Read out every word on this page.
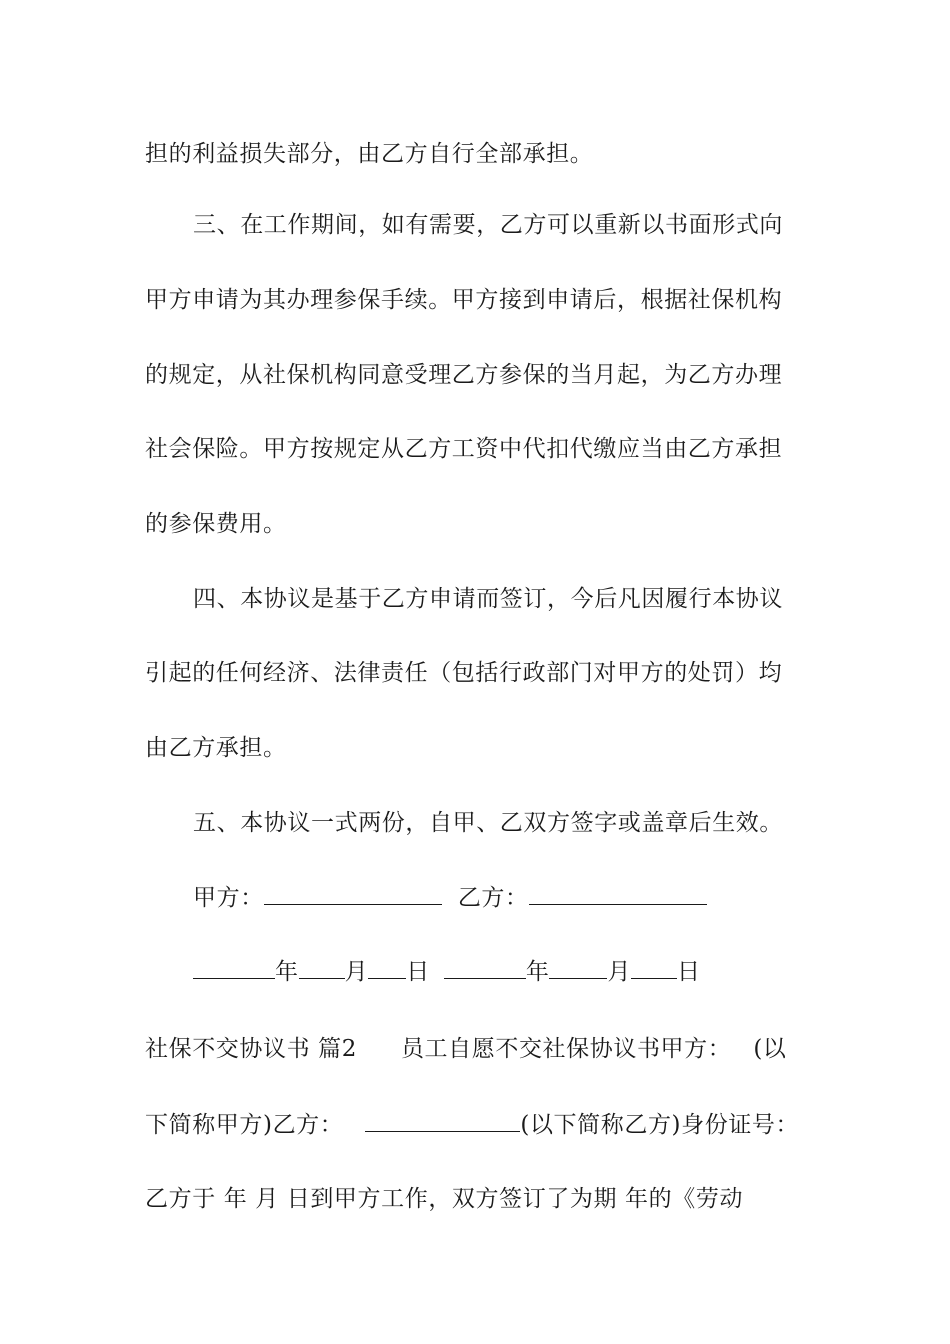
担的利益损失部分，由乙方自行全部承担。
三、在工作期间，如有需要，乙方可以重新以书面形式向
甲方申请为其办理参保手续。甲方接到申请后，根据社保机构
的规定，从社保机构同意受理乙方参保的当月起，为乙方办理
社会保险。甲方按规定从乙方工资中代扣代缴应当由乙方承担
的参保费用。
四、本协议是基于乙方申请而签订，今后凡因履行本协议
引起的任何经济、法律责任（包括行政部门对甲方的处罚）均
由乙方承担。
五、本协议一式两份，自甲、乙双方签字或盖章后生效。
甲方：	乙方：
年 月 日	年	月 日
社保不交协议书 篇2 员工自愿不交社保协议书甲方： (以
下简称甲方)乙方：	(以下简称乙方)身份证号：
乙方于 年 月 日到甲方工作，双方签订了为期 年的《劳动
